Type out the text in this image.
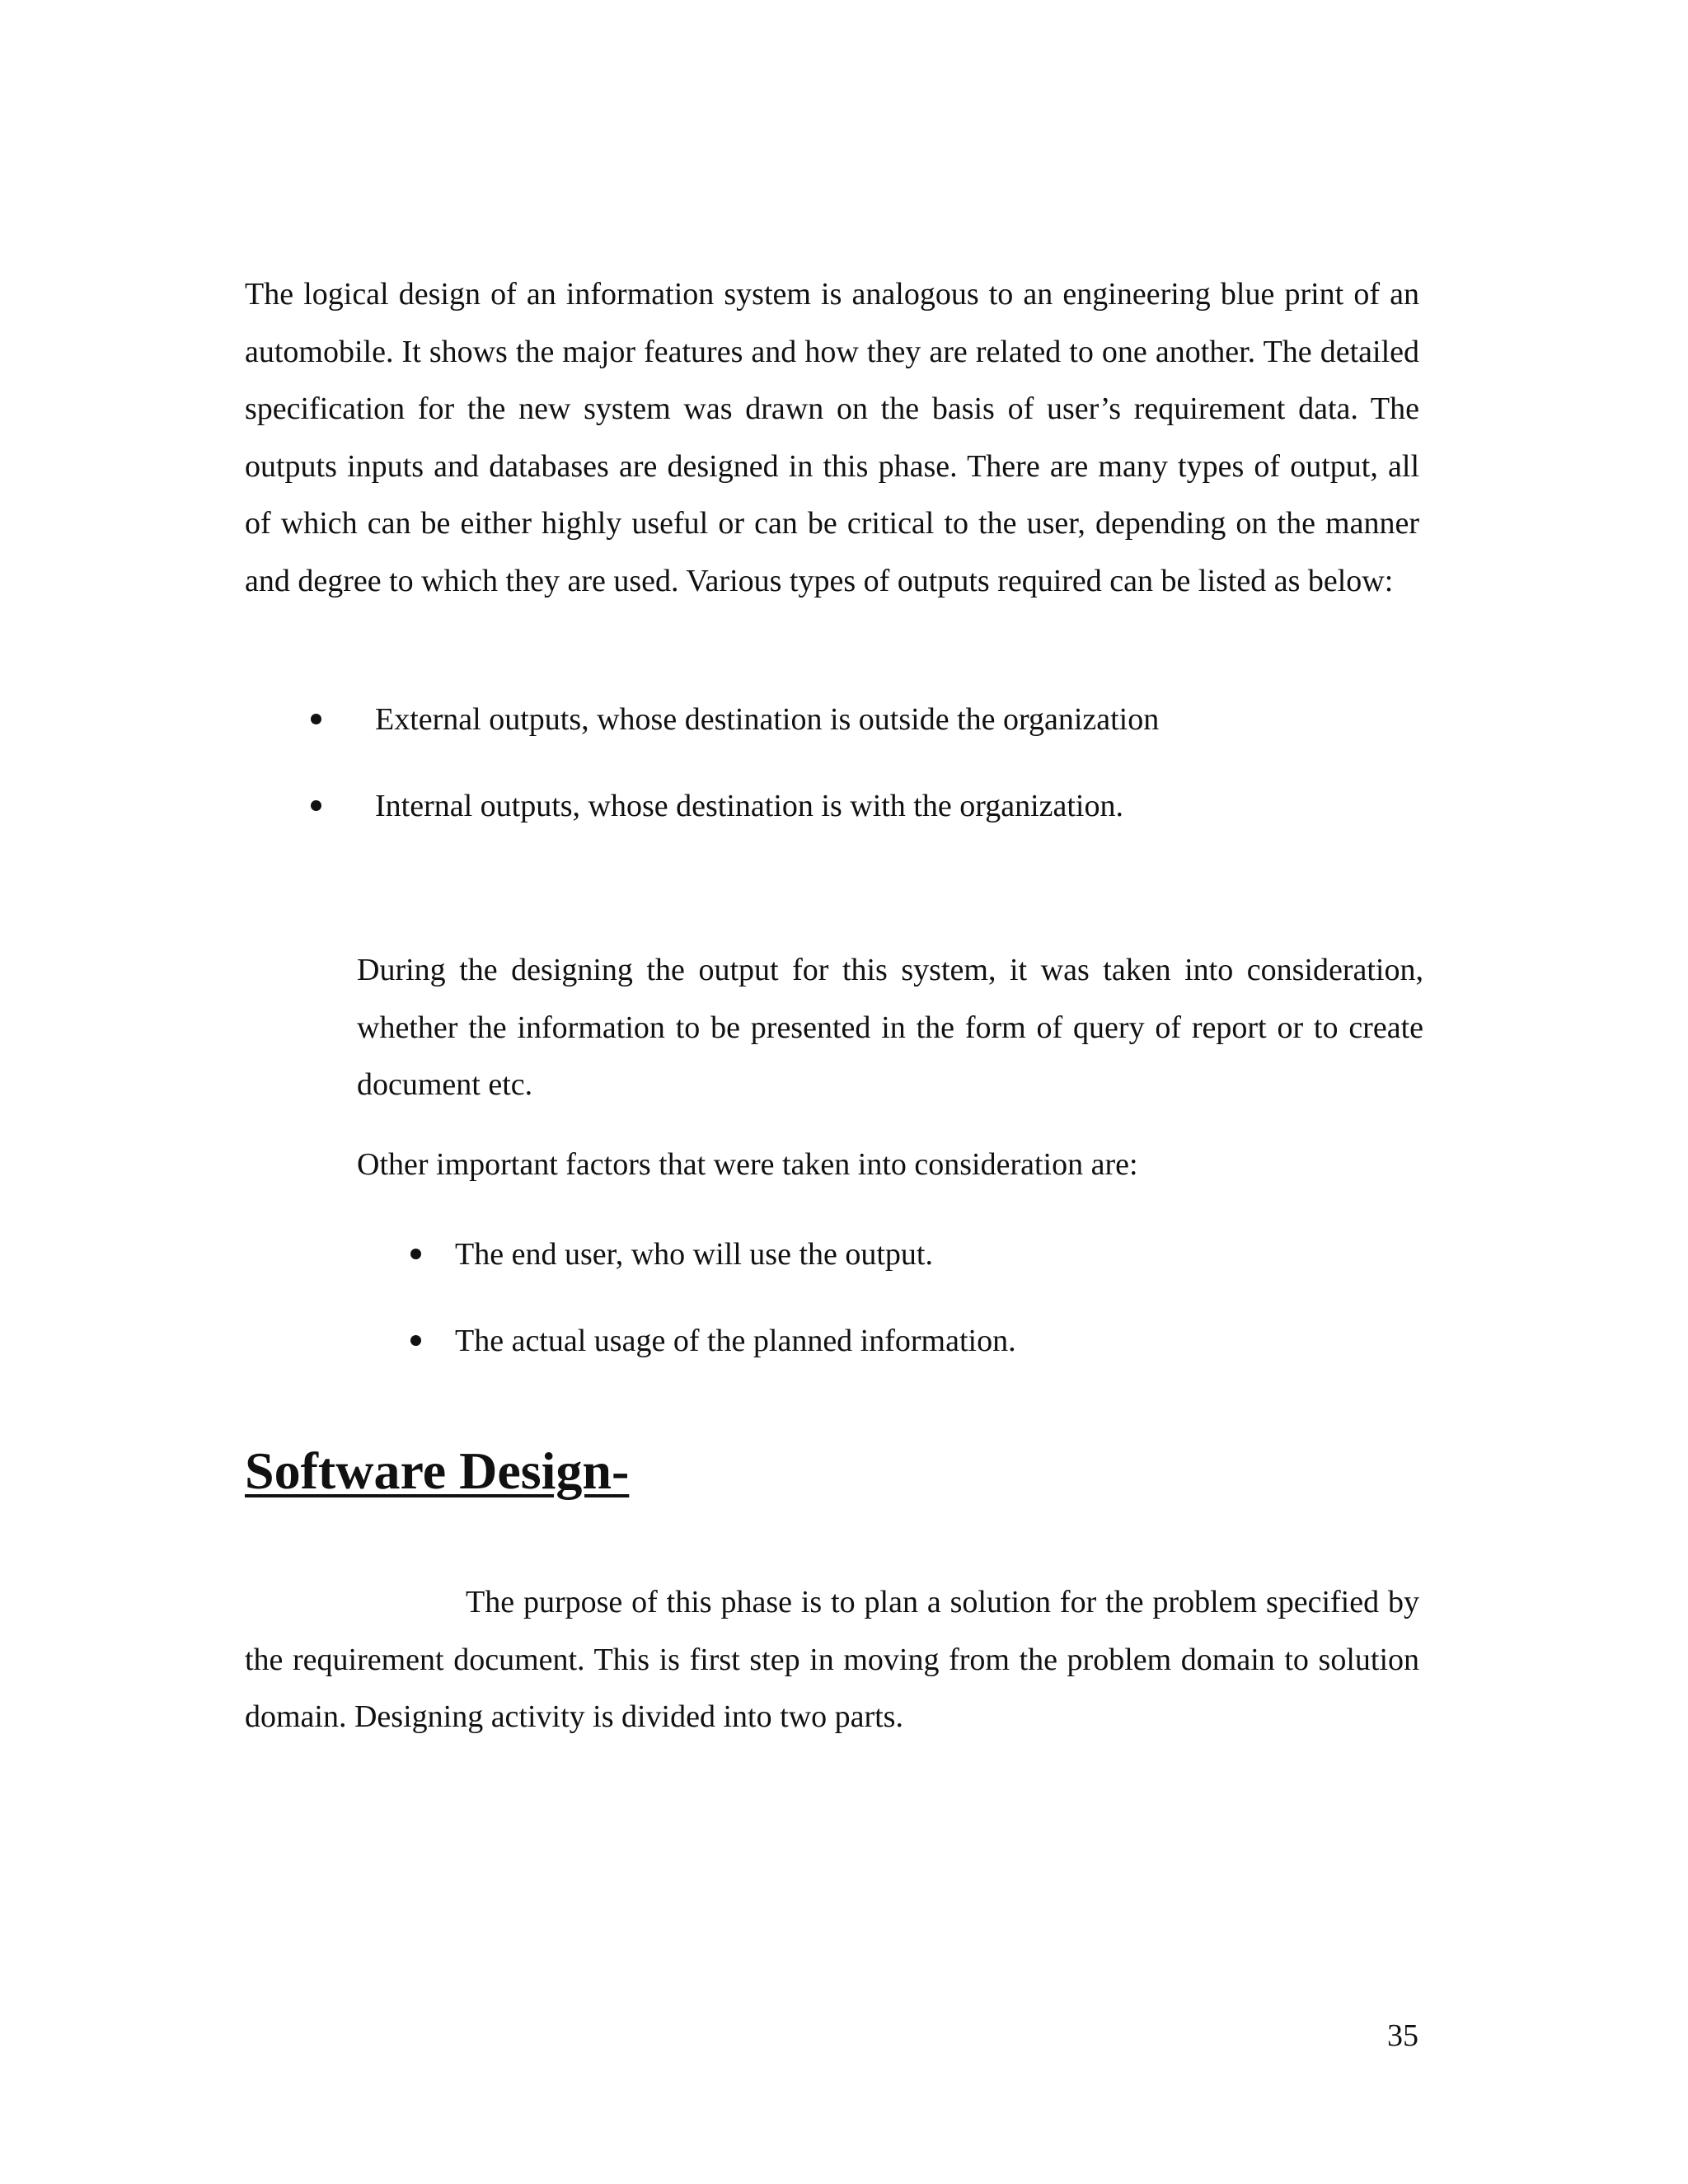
The logical design of an information system is analogous to an engineering blue print of an automobile. It shows the major features and how they are related to one another. The detailed specification for the new system was drawn on the basis of user’s requirement data. The outputs inputs and databases are designed in this phase. There are many types of output, all of which can be either highly useful or can be critical to the user, depending on the manner and degree to which they are used. Various types of outputs required can be listed as below:

External outputs, whose destination is outside the organization
Internal outputs, whose destination is with the organization.

During the designing the output for this system, it was taken into consideration, whether the information to be presented in the form of query of report or to create document etc.

Other important factors that were taken into consideration are:

The end user, who will use the output.
The actual usage of the planned information.
Software Design-

The purpose of this phase is to plan a solution for the problem specified by the requirement document. This is first step in moving from the problem domain to solution domain. Designing activity is divided into two parts.

35
